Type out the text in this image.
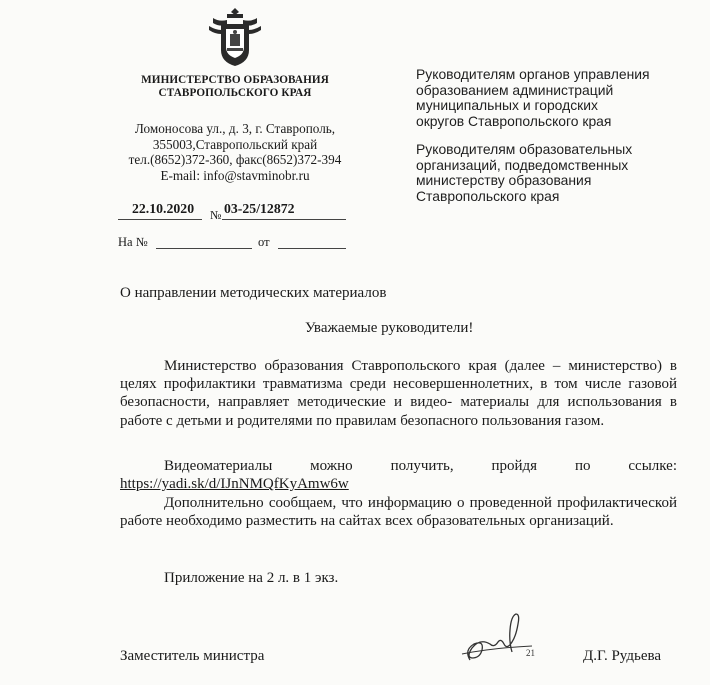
МИНИСТЕРСТВО ОБРАЗОВАНИЯ
СТАВРОПОЛЬСКОГО КРАЯ
Ломоносова ул., д. 3, г. Ставрополь,
355003,Ставропольский край
тел.(8652)372-360, факс(8652)372-394
E-mail: info@stavminobr.ru
22.10.2020 № 03-25/12872
На №	от
Руководителям органов управления
образованием администраций
муниципальных и городских
округов Ставропольского края
Руководителям образовательных
организаций, подведомственных
министерству образования
Ставропольского края
О направлении методических материалов
Уважаемые руководители!
Министерство образования Ставропольского края (далее – министерство) в целях профилактики травматизма среди несовершеннолетних, в том числе газовой безопасности, направляет методические и видео- материалы для использования в работе с детьми и родителями по правилам безопасного пользования газом.
Видеоматериалы можно получить, пройдя по ссылке:
https://yadi.sk/d/IJnNMQfKyAmw6w
Дополнительно сообщаем, что информацию о проведенной профилактической работе необходимо разместить на сайтах всех образовательных организаций.
Приложение на 2 л. в 1 экз.
Заместитель министра	21	Д.Г. Рудьева
